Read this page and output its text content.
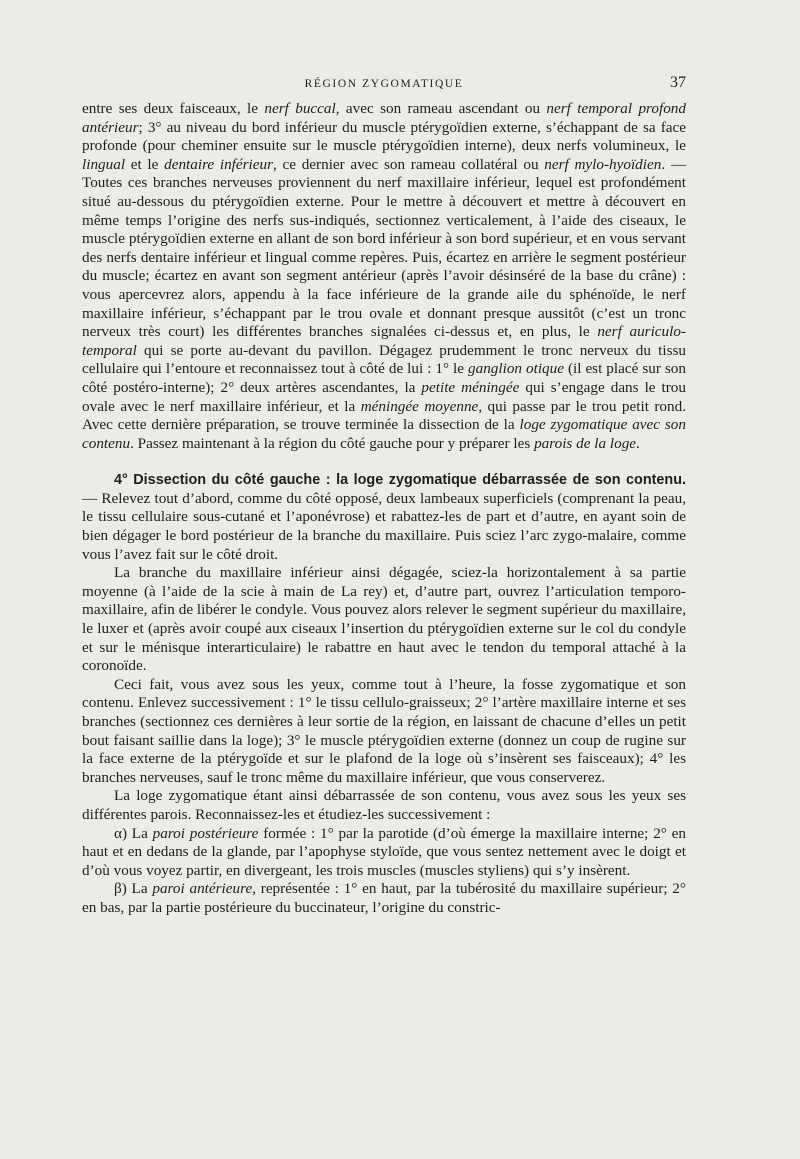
RÉGION ZYGOMATIQUE	37

entre ses deux faisceaux, le nerf buccal, avec son rameau ascendant ou nerf temporal profond antérieur; 3° au niveau du bord inférieur du muscle ptérygoïdien externe, s’échappant de sa face profonde (pour cheminer ensuite sur le muscle ptérygoïdien interne), deux nerfs volumineux, le lingual et le dentaire inférieur, ce dernier avec son rameau collatéral ou nerf mylo-hyoïdien. — Toutes ces branches nerveuses proviennent du nerf maxillaire inférieur, lequel est profondément situé au-dessous du ptérygoïdien externe. Pour le mettre à découvert et mettre à découvert en même temps l’origine des nerfs sus-indiqués, sectionnez verticalement, à l’aide des ciseaux, le muscle ptérygoïdien externe en allant de son bord inférieur à son bord supérieur, et en vous servant des nerfs dentaire inférieur et lingual comme repères. Puis, écartez en arrière le segment postérieur du muscle; écartez en avant son segment antérieur (après l’avoir désinséré de la base du crâne) : vous apercevrez alors, appendu à la face inférieure de la grande aile du sphénoïde, le nerf maxillaire inférieur, s’échappant par le trou ovale et donnant presque aussitôt (c’est un tronc nerveux très court) les différentes branches signalées ci-dessus et, en plus, le nerf auriculo-temporal qui se porte au-devant du pavillon. Dégagez prudemment le tronc nerveux du tissu cellulaire qui l’entoure et reconnaissez tout à côté de lui : 1° le ganglion otique (il est placé sur son côté postéro-interne); 2° deux artères ascendantes, la petite méningée qui s’engage dans le trou ovale avec le nerf maxillaire inférieur, et la méningée moyenne, qui passe par le trou petit rond. Avec cette dernière préparation, se trouve terminée la dissection de la loge zygomatique avec son contenu. Passez maintenant à la région du côté gauche pour y préparer les parois de la loge.

4° Dissection du côté gauche : la loge zygomatique débarrassée de son contenu. — Relevez tout d’abord, comme du côté opposé, deux lambeaux superficiels (comprenant la peau, le tissu cellulaire sous-cutané et l’aponévrose) et rabattez-les de part et d’autre, en ayant soin de bien dégager le bord postérieur de la branche du maxillaire. Puis sciez l’arc zygo-malaire, comme vous l’avez fait sur le côté droit.

La branche du maxillaire inférieur ainsi dégagée, sciez-la horizontalement à sa partie moyenne (à l’aide de la scie à main de La rey) et, d’autre part, ouvrez l’articulation temporo-maxillaire, afin de libérer le condyle. Vous pouvez alors relever le segment supérieur du maxillaire, le luxer et (après avoir coupé aux ciseaux l’insertion du ptérygoïdien externe sur le col du condyle et sur le ménisque interarticulaire) le rabattre en haut avec le tendon du temporal attaché à la coronoïde.

Ceci fait, vous avez sous les yeux, comme tout à l’heure, la fosse zygomatique et son contenu. Enlevez successivement : 1° le tissu cellulo-graisseux; 2° l’artère maxillaire interne et ses branches (sectionnez ces dernières à leur sortie de la région, en laissant de chacune d’elles un petit bout faisant saillie dans la loge); 3° le muscle ptérygoïdien externe (donnez un coup de rugine sur la face externe de la ptérygoïde et sur le plafond de la loge où s’insèrent ses faisceaux); 4° les branches nerveuses, sauf le tronc même du maxillaire inférieur, que vous conserverez.

La loge zygomatique étant ainsi débarrassée de son contenu, vous avez sous les yeux ses différentes parois. Reconnaissez-les et étudiez-les successivement :

α) La paroi postérieure formée : 1° par la parotide (d’où émerge la maxillaire interne; 2° en haut et en dedans de la glande, par l’apophyse styloïde, que vous sentez nettement avec le doigt et d’où vous voyez partir, en divergeant, les trois muscles (muscles styliens) qui s’y insèrent.

β) La paroi antérieure, représentée : 1° en haut, par la tubérosité du maxillaire supérieur; 2° en bas, par la partie postérieure du buccinateur, l’origine du constric-
